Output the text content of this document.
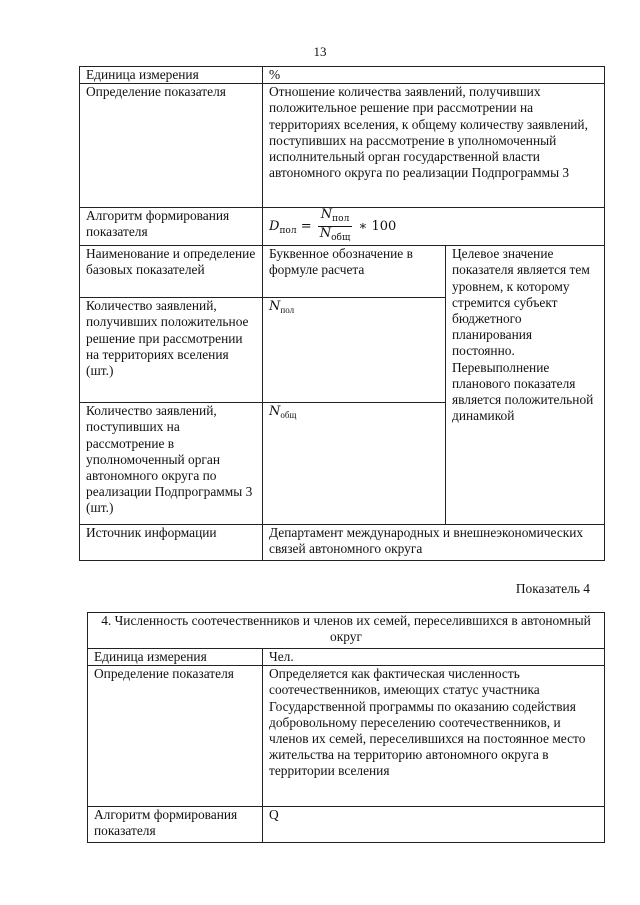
13
Единица измерения	%	
Определение показателя	Отношение количества заявлений, получивших положительное решение при рассмотрении на территориях вселения, к общему количеству заявлений, поступивших на рассмотрение в уполномоченный исполнительный орган государственной власти автономного округа по реализации Подпрограммы 3	
Алгоритм формирования показателя	$D_{пол} = \frac{N_{пол}}{N_{общ}}$ ∗ 100	
Наименование и определение базовых показателей	Буквенное обозначение в формуле расчета	Целевое значение показателя является тем уровнем, к которому стремится субъект бюджетного планирования постоянно. Перевыполнение планового показателя является положительной динамикой
Количество заявлений, получивших положительное решение при рассмотрении на территориях вселения (шт.)	$N_{пол}$
Количество заявлений, поступивших на рассмотрение в уполномоченный орган автономного округа по реализации Подпрограммы 3 (шт.)	$N_{общ}$
Источник информации	Департамент международных и внешнеэкономических связей автономного округа	
Показатель 4
4. Численность соотечественников и членов их семей, переселившихся в автономный округ	
Единица измерения	Чел.
Определение показателя	Определяется как фактическая численность соотечественников, имеющих статус участника Государственной программы по оказанию содействия добровольному переселению соотечественников, и членов их семей, переселившихся на постоянное место жительства на территорию автономного округа в территории вселения
Алгоритм формирования показателя	Q
